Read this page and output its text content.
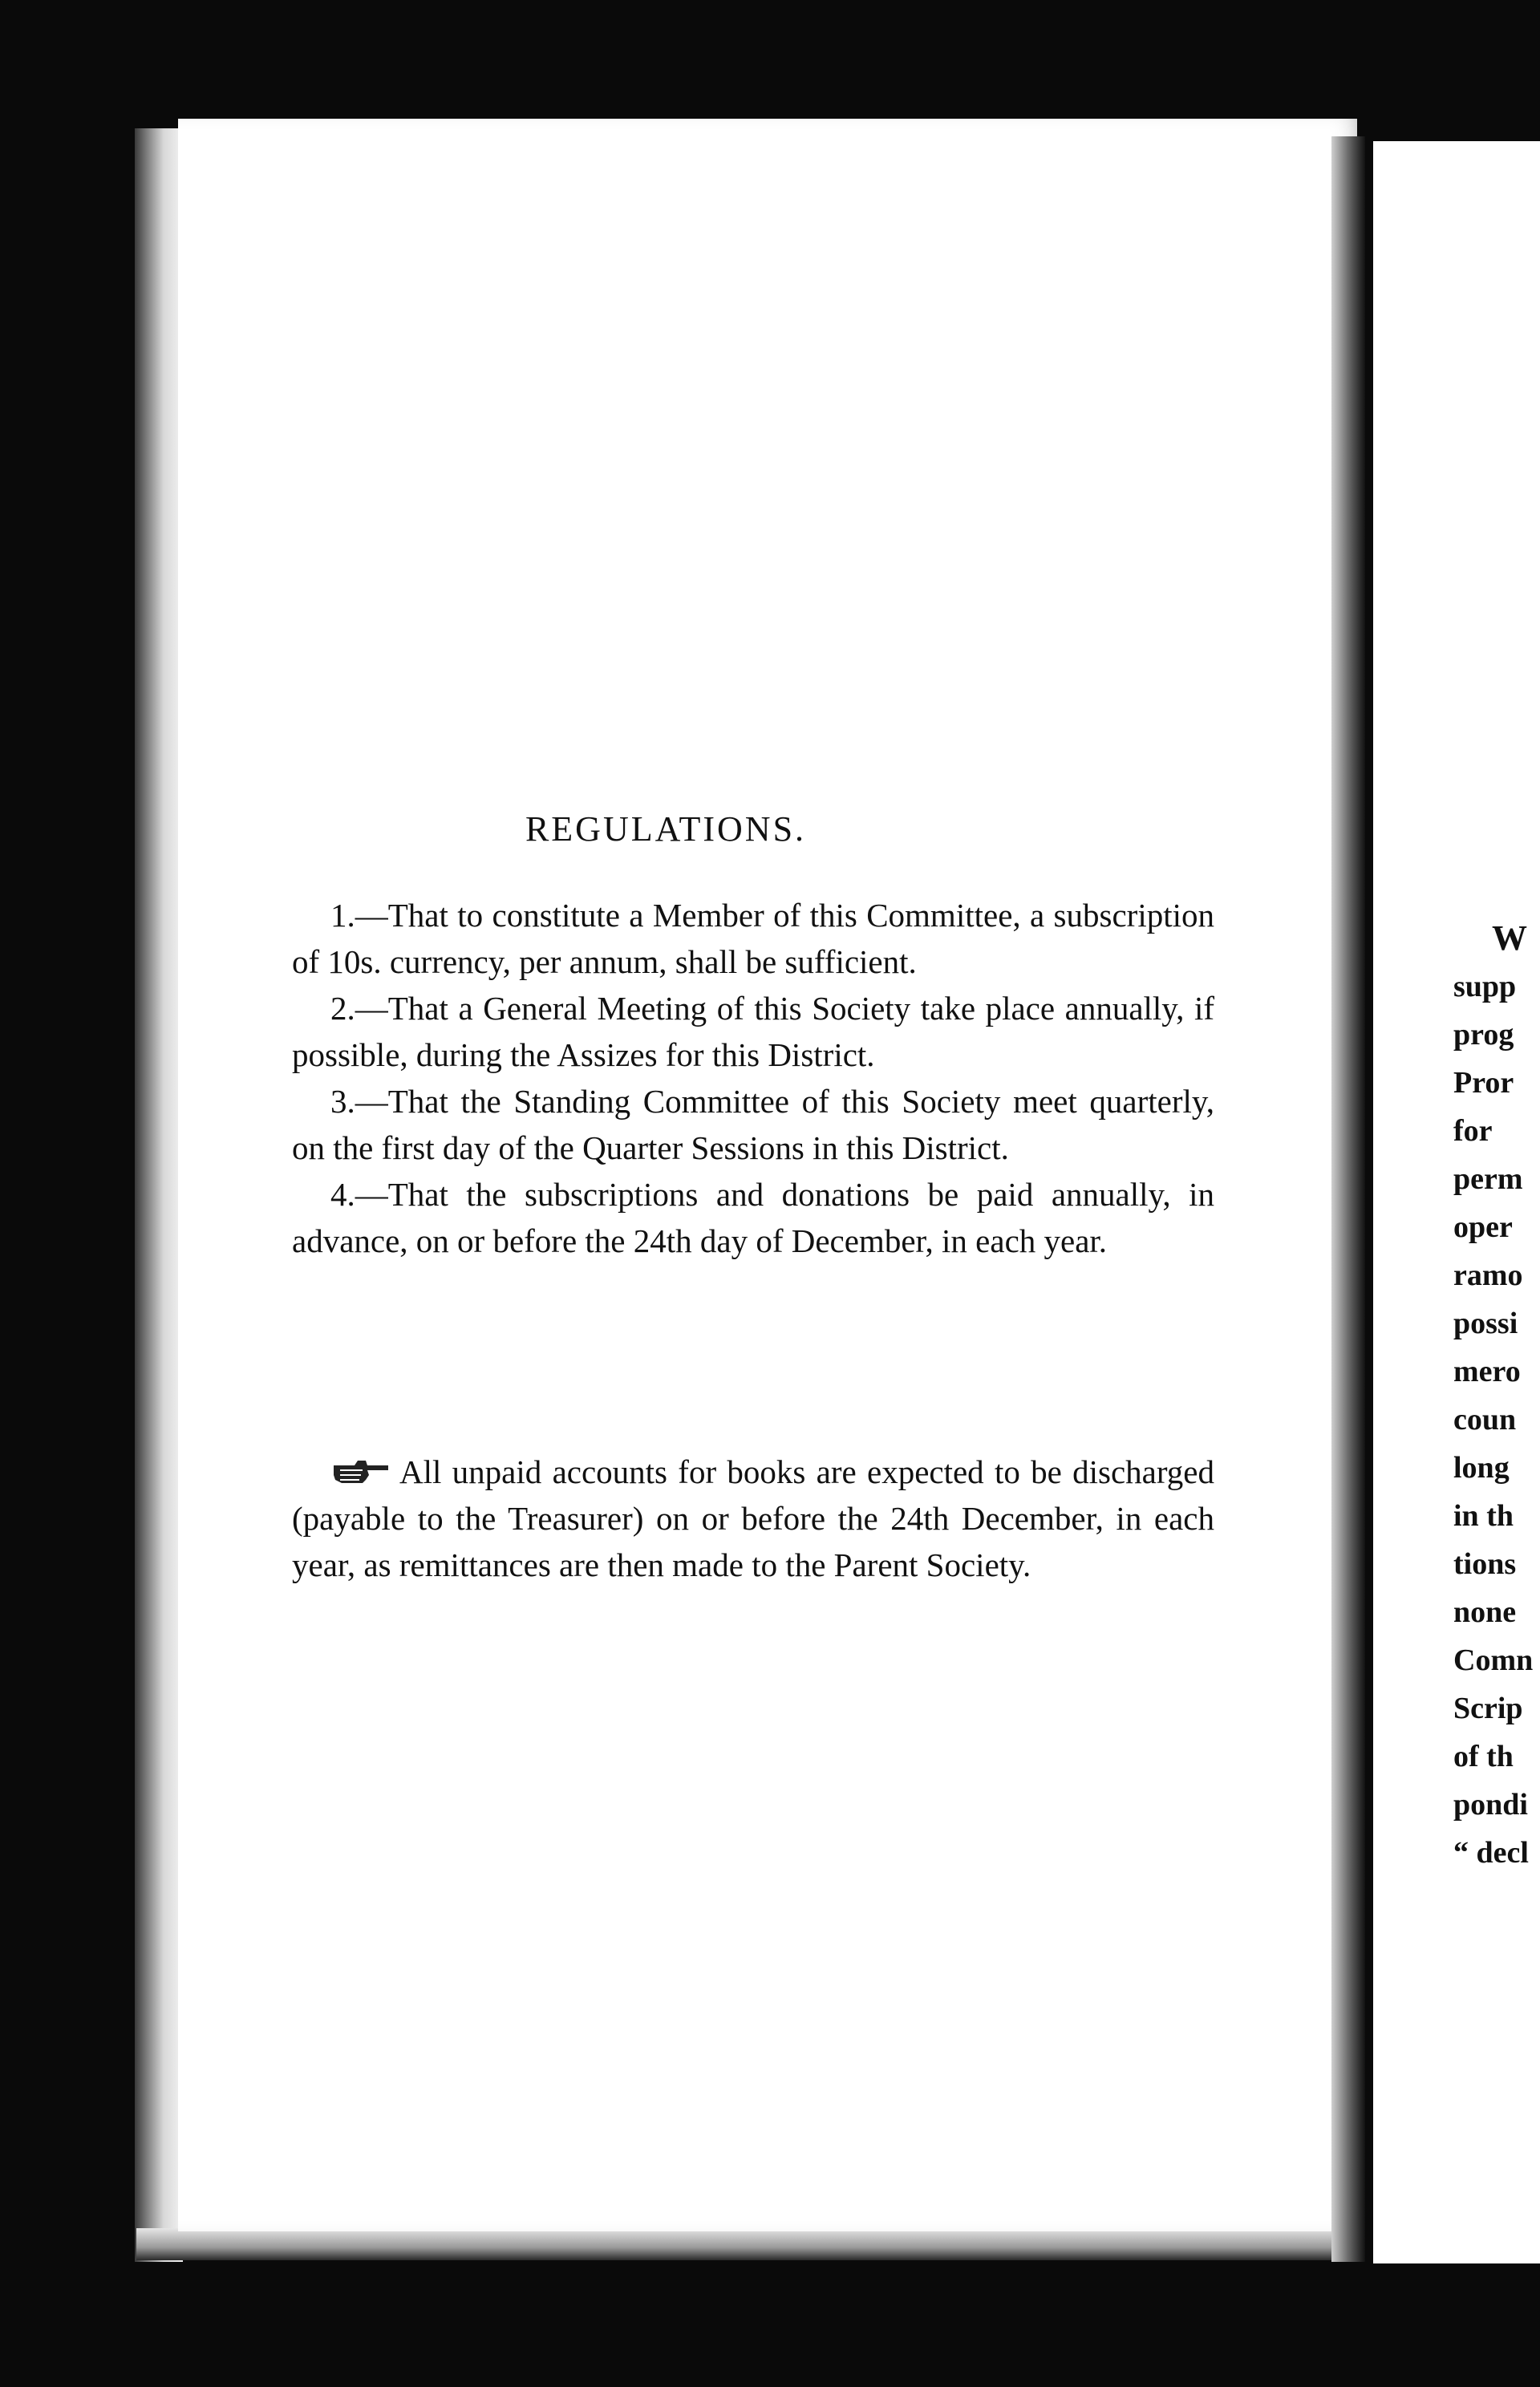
REGULATIONS.

1.—That to constitute a Member of this Committee, a subscription of 10s. currency, per annum, shall be sufficient.

2.—That a General Meeting of this Society take place annually, if possible, during the Assizes for this District.

3.—That the Standing Committee of this Society meet quarterly, on the first day of the Quarter Sessions in this District.

4.—That the subscriptions and donations be paid annually, in advance, on or before the 24th day of December, in each year.

All unpaid accounts for books are expected to be discharged (payable to the Treasurer) on or before the 24th December, in each year, as remittances are then made to the Parent Society.

W
supp
prog
Pror
for
perm
oper
ramo
possi
mero
coun
long
in th
tions
none
Comn
Scrip
of th
pondi
“ decl
